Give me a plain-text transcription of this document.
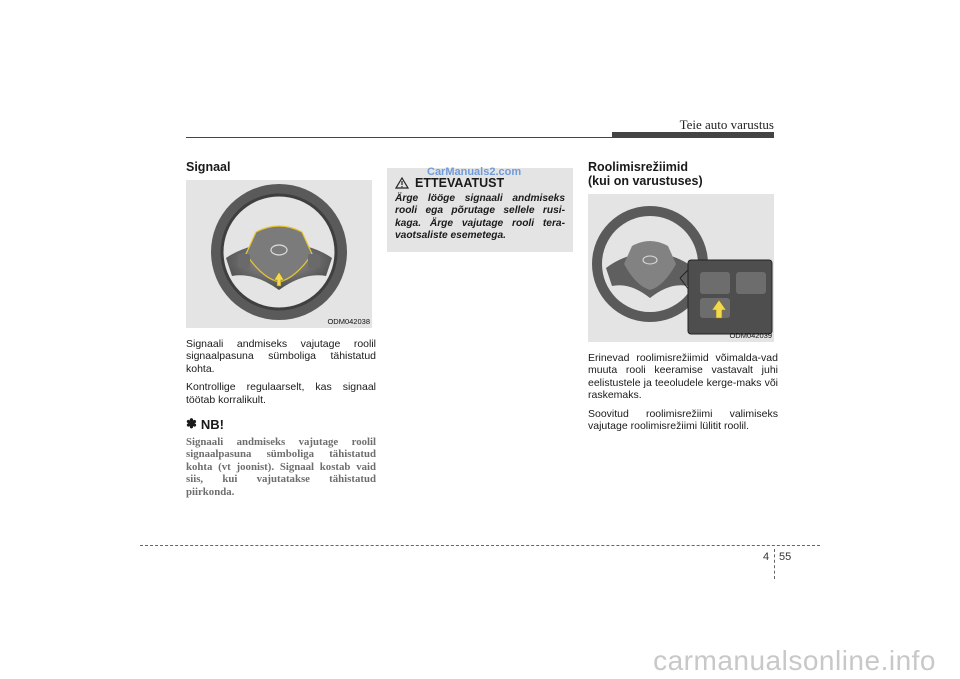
Teie auto varustus
Signaal
ODM042038

Signaali andmiseks vajutage roolil signaalpasuna sümboliga tähistatud kohta.

Kontrollige regulaarselt, kas signaal töötab korralikult.

✽ NB!

Signaali andmiseks vajutage roolil signaalpasuna sümboliga tähistatud kohta (vt joonist). Signaal kostab vaid siis, kui vajutatakse tähistatud piirkonda.

CarManuals2.com
ETTEVAATUST

Ärge lööge signaali andmiseks rooli ega põrutage sellele rusi-kaga. Ärge vajutage rooli tera-vaotsaliste esemetega.

Roolimisrežiimid
(kui on varustuses)
ODM042039

Erinevad roolimisrežiimid võimalda-vad muuta rooli keeramise vastavalt juhi eelistustele ja teeoludele kerge-maks või raskemaks.

Soovitud roolimisrežiimi valimiseks vajutage roolimisrežiimi lülitit roolil.

4 55
carmanualsonline.info
